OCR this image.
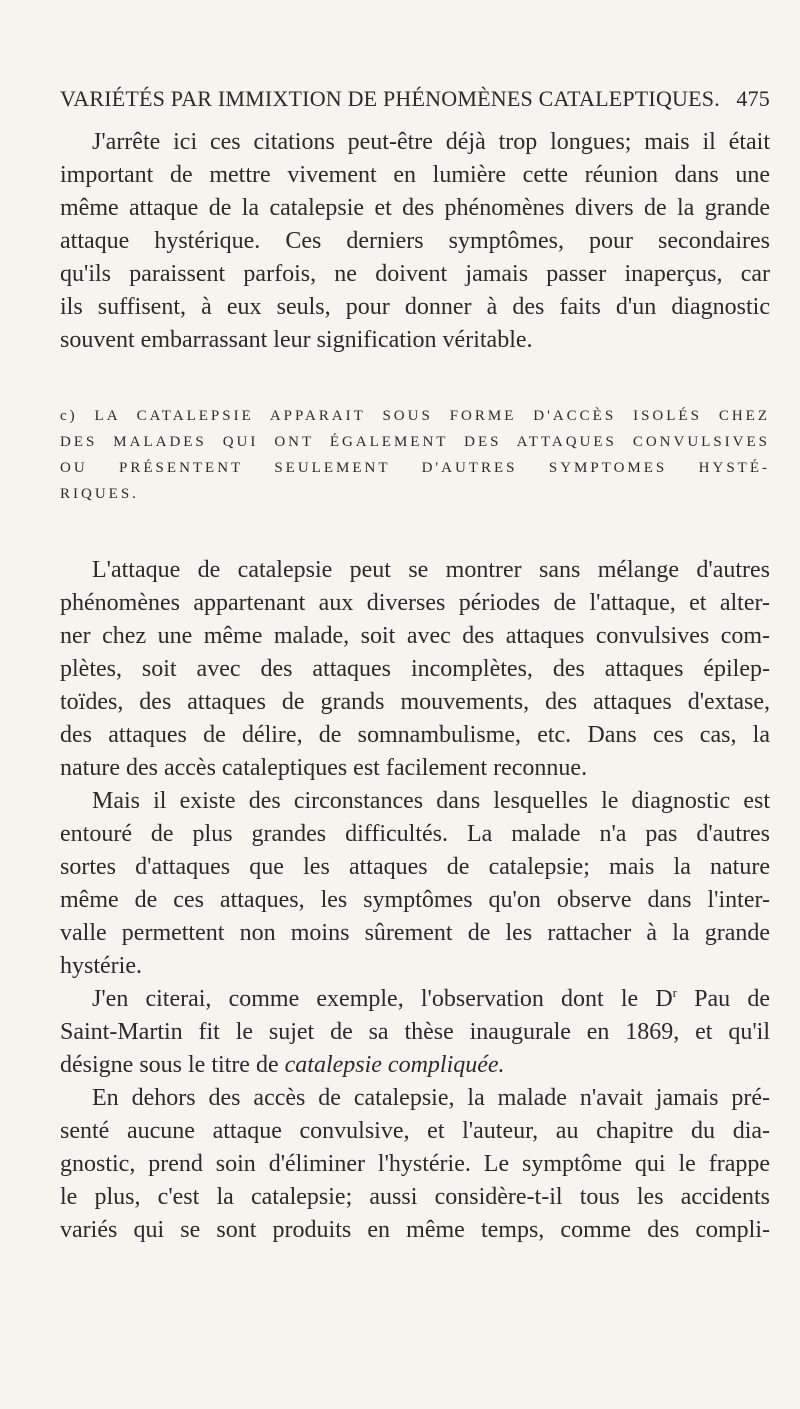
VARIÉTÉS PAR IMMIXTION DE PHÉNOMÈNES CATALEPTIQUES. 475
J'arrête ici ces citations peut-être déjà trop longues; mais il était
important de mettre vivement en lumière cette réunion dans une
même attaque de la catalepsie et des phénomènes divers de la grande
attaque hystérique. Ces derniers symptômes, pour secondaires
qu'ils paraissent parfois, ne doivent jamais passer inaperçus, car
ils suffisent, à eux seuls, pour donner à des faits d'un diagnostic
souvent embarrassant leur signification véritable.
c) LA CATALEPSIE APPARAIT SOUS FORME D'ACCÈS ISOLÉS CHEZ
DES MALADES QUI ONT ÉGALEMENT DES ATTAQUES CONVULSIVES
OU PRÉSENTENT SEULEMENT D'AUTRES SYMPTOMES HYSTÉ-
RIQUES.
L'attaque de catalepsie peut se montrer sans mélange d'autres
phénomènes appartenant aux diverses périodes de l'attaque, et alter-
ner chez une même malade, soit avec des attaques convulsives com-
plètes, soit avec des attaques incomplètes, des attaques épilep-
toïdes, des attaques de grands mouvements, des attaques d'extase,
des attaques de délire, de somnambulisme, etc. Dans ces cas, la
nature des accès cataleptiques est facilement reconnue.
Mais il existe des circonstances dans lesquelles le diagnostic est
entouré de plus grandes difficultés. La malade n'a pas d'autres
sortes d'attaques que les attaques de catalepsie; mais la nature
même de ces attaques, les symptômes qu'on observe dans l'inter-
valle permettent non moins sûrement de les rattacher à la grande
hystérie.
J'en citerai, comme exemple, l'observation dont le $D^r$ Pau de
Saint-Martin fit le sujet de sa thèse inaugurale en 1869, et qu'il
désigne sous le titre de catalepsie compliquée.
En dehors des accès de catalepsie, la malade n'avait jamais pré-
senté aucune attaque convulsive, et l'auteur, au chapitre du dia-
gnostic, prend soin d'éliminer l'hystérie. Le symptôme qui le frappe
le plus, c'est la catalepsie; aussi considère-t-il tous les accidents
variés qui se sont produits en même temps, comme des compli-
